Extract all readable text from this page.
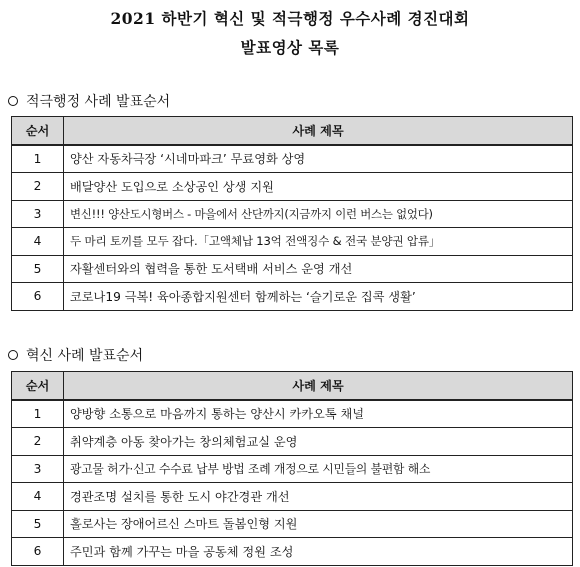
2021 하반기 혁신 및 적극행정 우수사례 경진대회
발표영상 목록
적극행정 사례 발표순서
순서	사례 제목
1	양산 자동차극장 ‘시네마파크’ 무료영화 상영
2	배달양산 도입으로 소상공인 상생 지원
3	변신!!! 양산도시형버스 - 마을에서 산단까지(지금까지 이런 버스는 없었다)
4	두 마리 토끼를 모두 잡다.「고액체납 13억 전액징수 & 전국 분양권 압류」
5	자활센터와의 협력을 통한 도서택배 서비스 운영 개선
6	코로나19 극복! 육아종합지원센터 함께하는 ‘슬기로운 집콕 생활’
혁신 사례 발표순서
순서	사례 제목
1	양방향 소통으로 마음까지 통하는 양산시 카카오톡 채널
2	취약계층 아동 찾아가는 창의체험교실 운영
3	광고물 허가·신고 수수료 납부 방법 조례 개정으로 시민들의 불편함 해소
4	경관조명 설치를 통한 도시 야간경관 개선
5	홀로사는 장애어르신 스마트 돌봄인형 지원
6	주민과 함께 가꾸는 마을 공동체 정원 조성
